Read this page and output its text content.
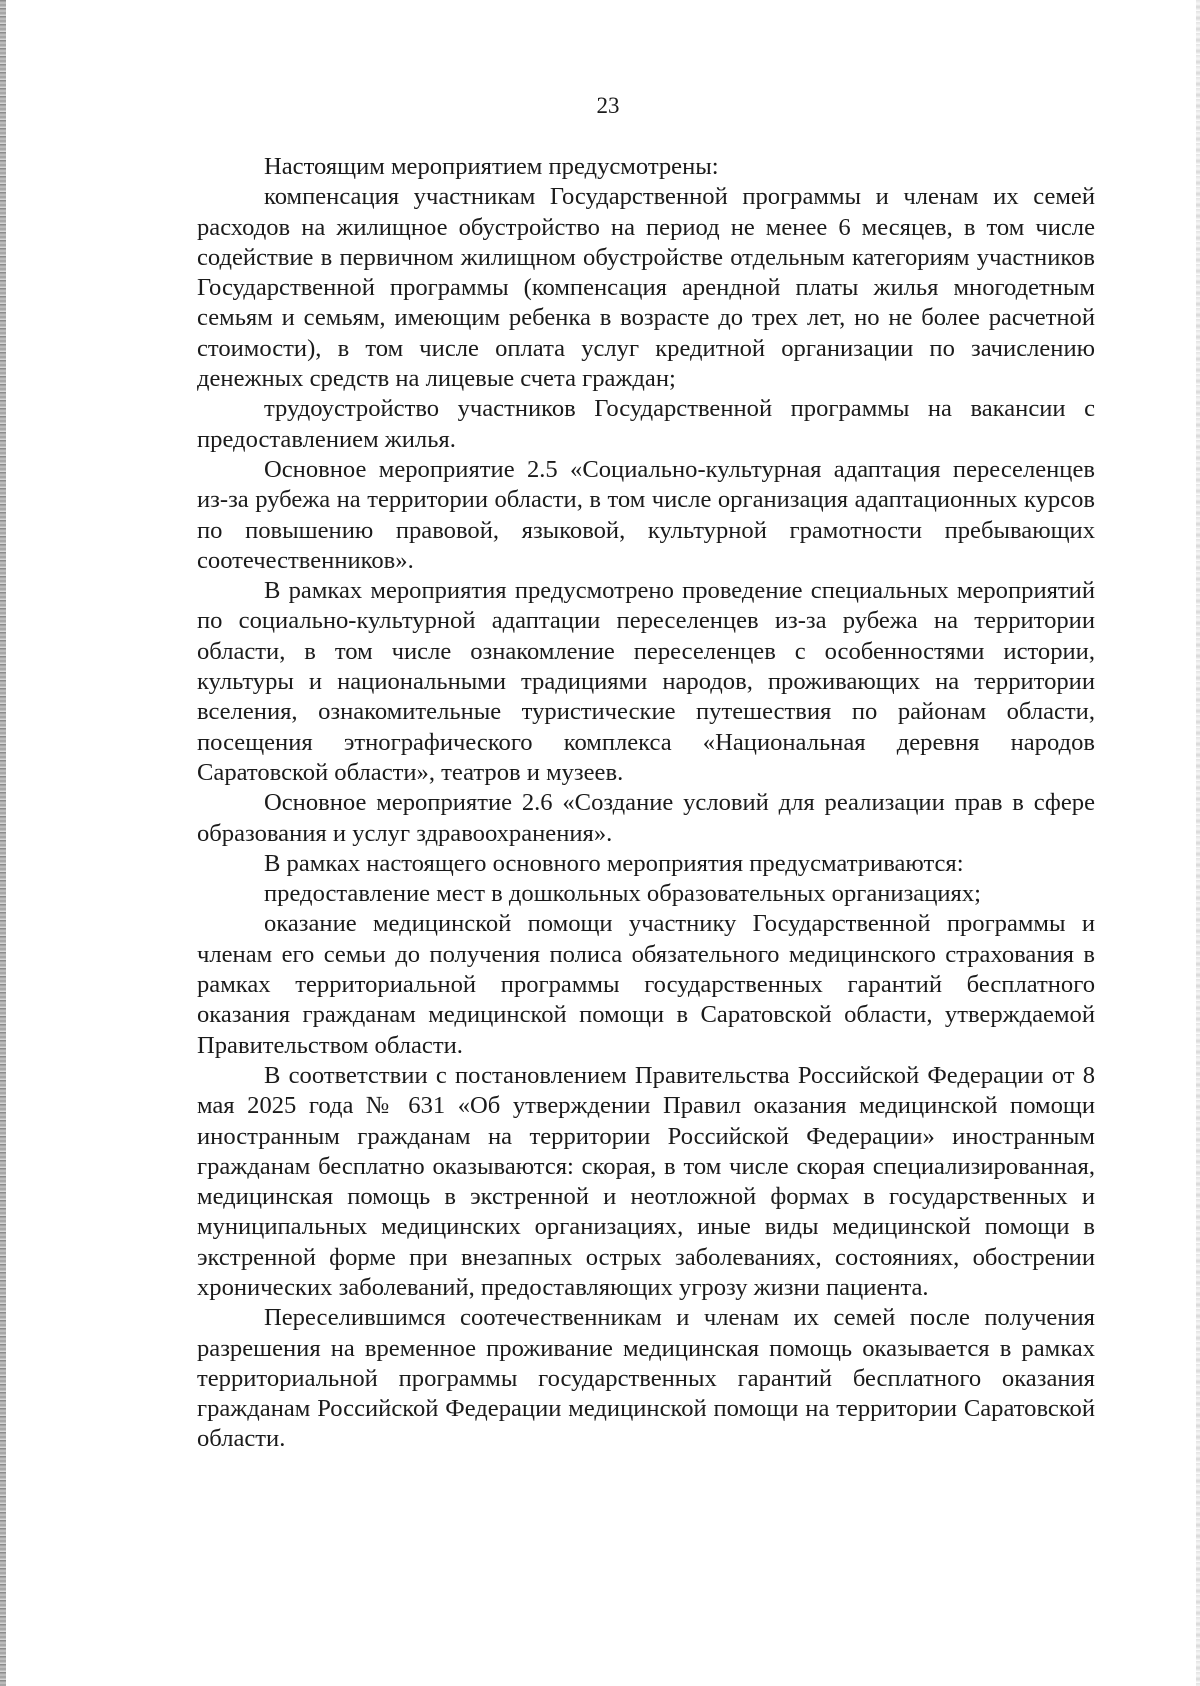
23

Настоящим мероприятием предусмотрены:

компенсация участникам Государственной программы и членам их семей расходов на жилищное обустройство на период не менее 6 месяцев, в том числе содействие в первичном жилищном обустройстве отдельным категориям участников Государственной программы (компенсация арендной платы жилья многодетным семьям и семьям, имеющим ребенка в возрасте до трех лет, но не более расчетной стоимости), в том числе оплата услуг кредитной организации по зачислению денежных средств на лицевые счета граждан;

трудоустройство участников Государственной программы на вакансии с предоставлением жилья.

Основное мероприятие 2.5 «Социально-культурная адаптация переселенцев из-за рубежа на территории области, в том числе организация адаптационных курсов по повышению правовой, языковой, культурной грамотности пребывающих соотечественников».

В рамках мероприятия предусмотрено проведение специальных мероприятий по социально-культурной адаптации переселенцев из-за рубежа на территории области, в том числе ознакомление переселенцев с особенностями истории, культуры и национальными традициями народов, проживающих на территории вселения, ознакомительные туристические путешествия по районам области, посещения этнографического комплекса «Национальная деревня народов Саратовской области», театров и музеев.

Основное мероприятие 2.6 «Создание условий для реализации прав в сфере образования и услуг здравоохранения».

В рамках настоящего основного мероприятия предусматриваются:

предоставление мест в дошкольных образовательных организациях;

оказание медицинской помощи участнику Государственной программы и членам его семьи до получения полиса обязательного медицинского страхования в рамках территориальной программы государственных гарантий бесплатного оказания гражданам медицинской помощи в Саратовской области, утверждаемой Правительством области.

В соответствии с постановлением Правительства Российской Федерации от 8 мая 2025 года № 631 «Об утверждении Правил оказания медицинской помощи иностранным гражданам на территории Российской Федерации» иностранным гражданам бесплатно оказываются: скорая, в том числе скорая специализированная, медицинская помощь в экстренной и неотложной формах в государственных и муниципальных медицинских организациях, иные виды медицинской помощи в экстренной форме при внезапных острых заболеваниях, состояниях, обострении хронических заболеваний, предоставляющих угрозу жизни пациента.

Переселившимся соотечественникам и членам их семей после получения разрешения на временное проживание медицинская помощь оказывается в рамках территориальной программы государственных гарантий бесплатного оказания гражданам Российской Федерации медицинской помощи на территории Саратовской области.
